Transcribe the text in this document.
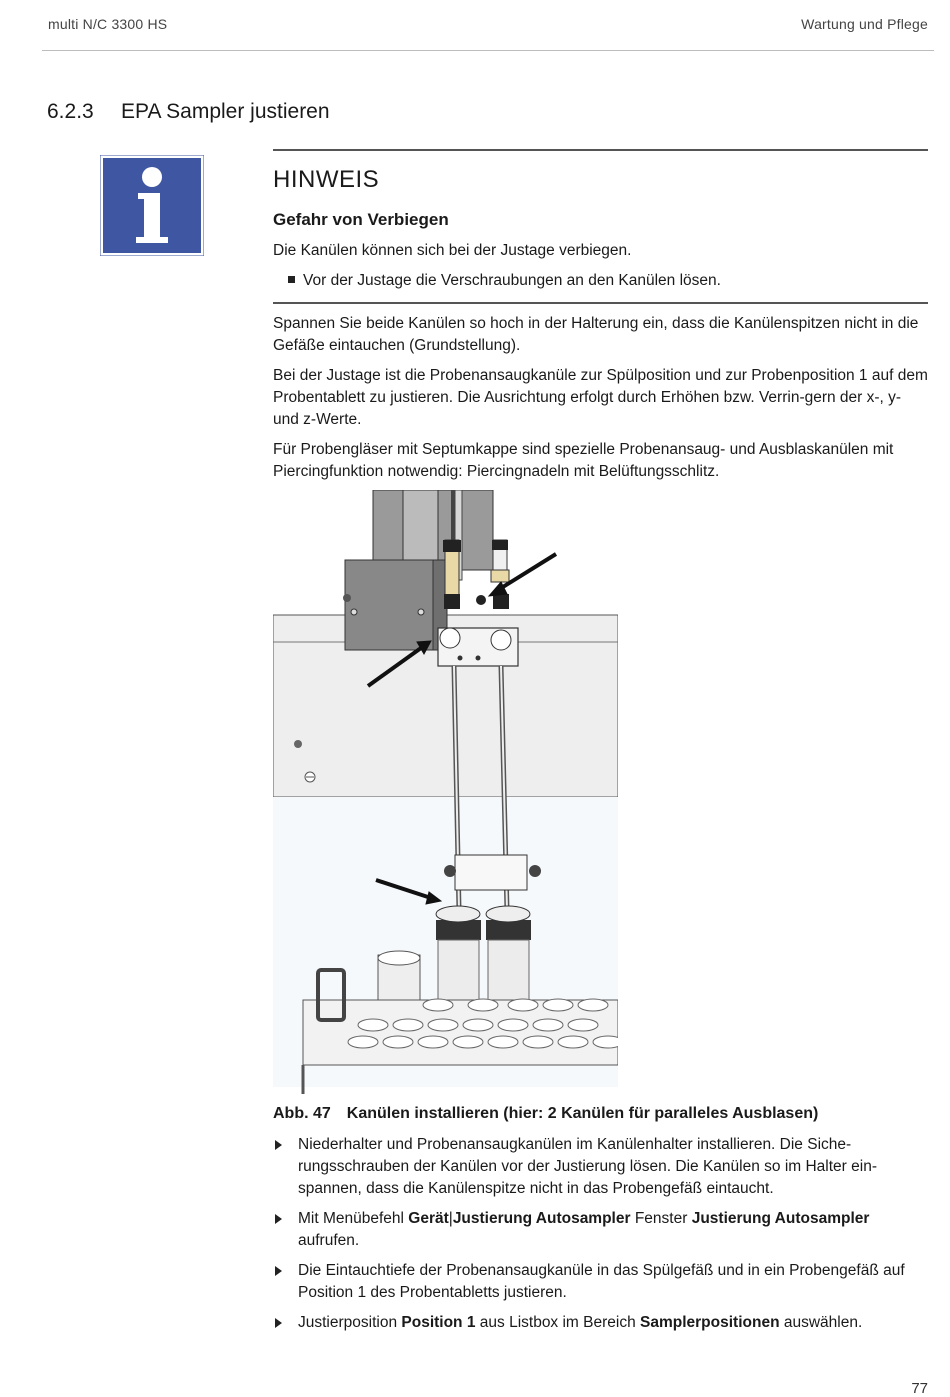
multi N/C 3300 HS	Wartung und Pflege
6.2.3 EPA Sampler justieren
HINWEIS
Gefahr von Verbiegen
Die Kanülen können sich bei der Justage verbiegen.
Vor der Justage die Verschraubungen an den Kanülen lösen.

Spannen Sie beide Kanülen so hoch in der Halterung ein, dass die Kanülenspitzen nicht in die Gefäße eintauchen (Grundstellung).

Bei der Justage ist die Probenansaugkanüle zur Spülposition und zur Probenposition 1 auf dem Probentablett zu justieren. Die Ausrichtung erfolgt durch Erhöhen bzw. Verrin-gern der x-, y- und z-Werte.

Für Probengläser mit Septumkappe sind spezielle Probenansaug- und Ausblaskanülen mit Piercingfunktion notwendig: Piercingnadeln mit Belüftungsschlitz.

Abb. 47 Kanülen installieren (hier: 2 Kanülen für paralleles Ausblasen)
Niederhalter und Probenansaugkanülen im Kanülenhalter installieren. Die Siche-rungsschrauben der Kanülen vor der Justierung lösen. Die Kanülen so im Halter ein-spannen, dass die Kanülenspitze nicht in das Probengefäß eintaucht.
Mit Menübefehl Gerät|Justierung Autosampler Fenster Justierung Autosampler aufrufen.
Die Eintauchtiefe der Probenansaugkanüle in das Spülgefäß und in ein Probengefäß auf Position 1 des Probentabletts justieren.
Justierposition Position 1 aus Listbox im Bereich Samplerpositionen auswählen.
77
